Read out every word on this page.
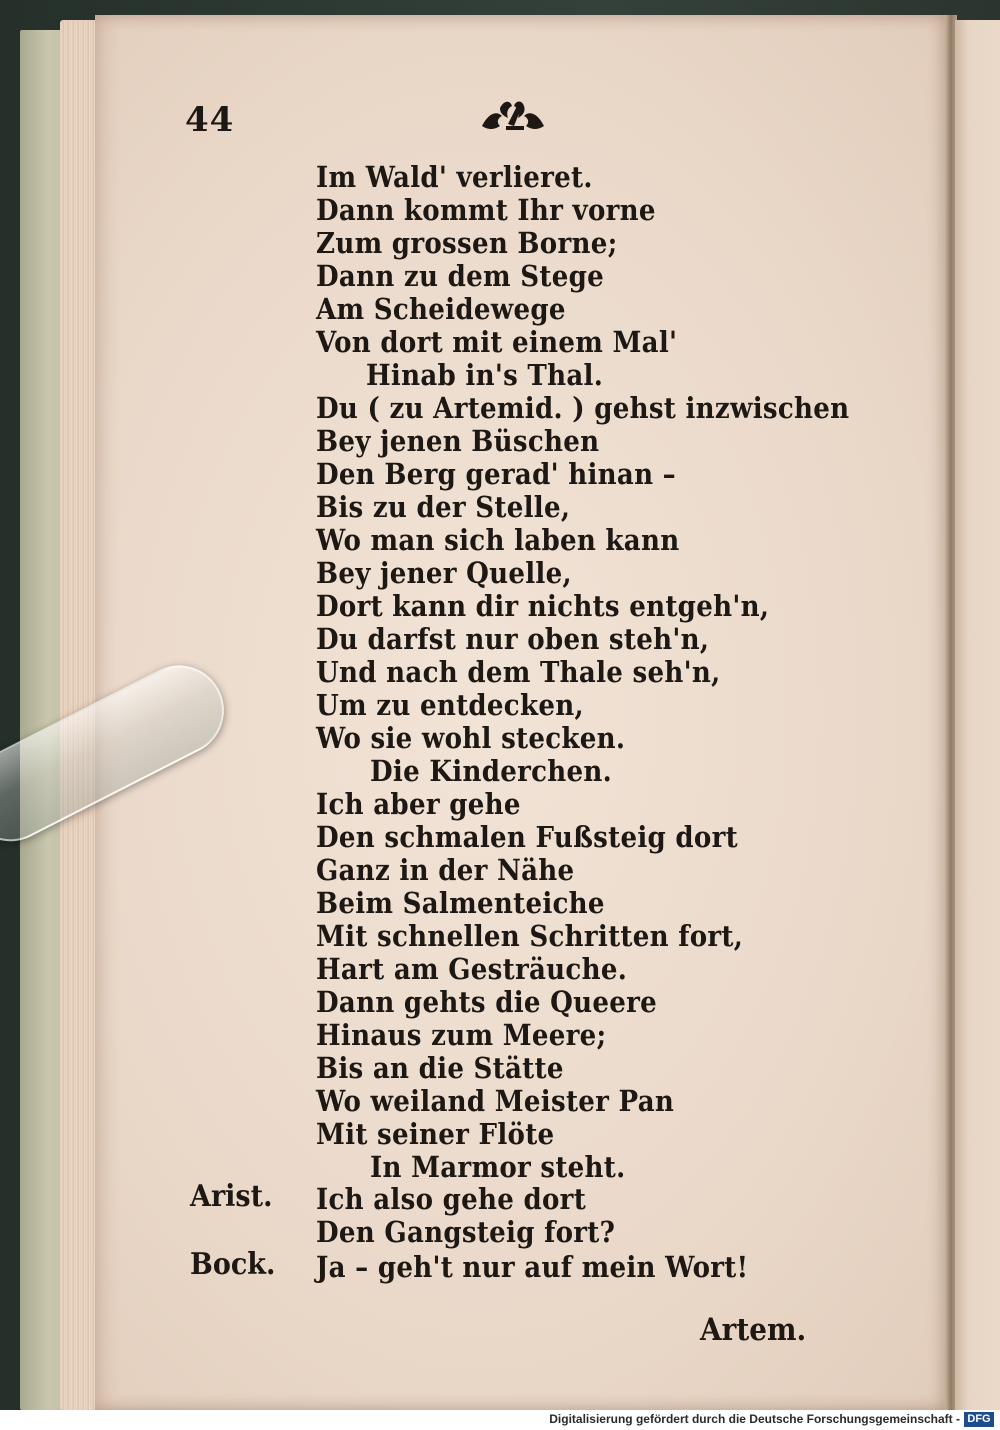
44
Im Wald' verlieret.
Dann kommt Ihr vorne
Zum grossen Borne;
Dann zu dem Stege
Am Scheidewege
Von dort mit einem Mal'
Hinab in's Thal.
Du ( zu Artemid. ) gehst inzwischen
Bey jenen Büschen
Den Berg gerad' hinan –
Bis zu der Stelle,
Wo man sich laben kann
Bey jener Quelle,
Dort kann dir nichts entgeh'n,
Du darfst nur oben steh'n,
Und nach dem Thale seh'n,
Um zu entdecken,
Wo sie wohl stecken.
Die Kinderchen.
Ich aber gehe
Den schmalen Fußsteig dort
Ganz in der Nähe
Beim Salmenteiche
Mit schnellen Schritten fort,
Hart am Gesträuche.
Dann gehts die Queere
Hinaus zum Meere;
Bis an die Stätte
Wo weiland Meister Pan
Mit seiner Flöte
In Marmor steht.
Arist. Ich also gehe dort
Den Gangsteig fort?
Bock. Ja – geh't nur auf mein Wort!
Artem.
Digitalisierung gefördert durch die Deutsche Forschungsgemeinschaft - DFG
